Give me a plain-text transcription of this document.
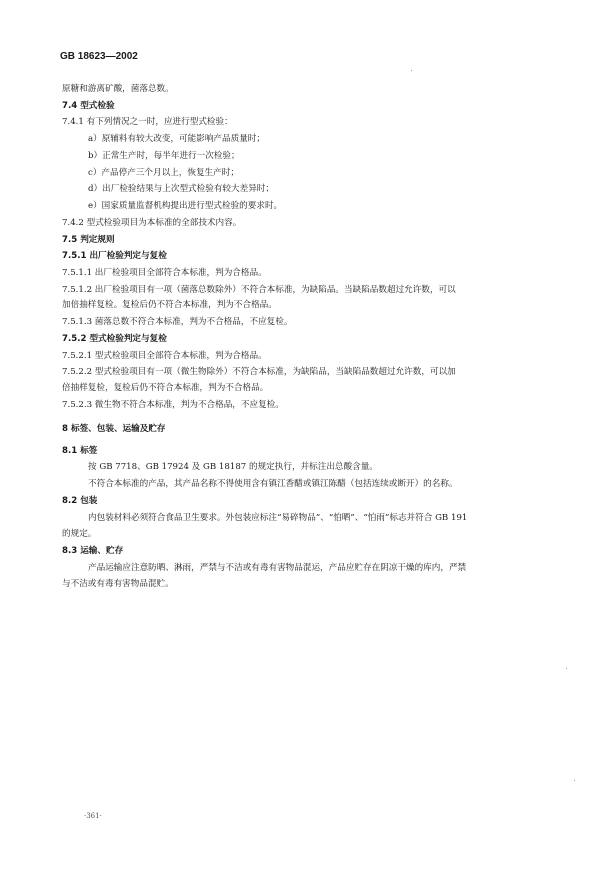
GB 18623—2002
原糖和游离矿酸，菌落总数。
7.4 型式检验
7.4.1 有下列情况之一时，应进行型式检验：
a）原辅料有较大改变，可能影响产品质量时；
b）正常生产时，每半年进行一次检验；
c）产品停产三个月以上，恢复生产时；
d）出厂检验结果与上次型式检验有较大差异时；
e）国家质量监督机构提出进行型式检验的要求时。
7.4.2 型式检验项目为本标准的全部技术内容。
7.5 判定规则
7.5.1 出厂检验判定与复检
7.5.1.1 出厂检验项目全部符合本标准，判为合格品。
7.5.1.2 出厂检验项目有一项（菌落总数除外）不符合本标准，为缺陷品。当缺陷品数超过允许数，可以
加倍抽样复检。复检后仍不符合本标准，判为不合格品。
7.5.1.3 菌落总数不符合本标准，判为不合格品，不应复检。
7.5.2 型式检验判定与复检
7.5.2.1 型式检验项目全部符合本标准，判为合格品。
7.5.2.2 型式检验项目有一项（微生物除外）不符合本标准，为缺陷品，当缺陷品数超过允许数，可以加
倍抽样复检，复检后仍不符合本标准，判为不合格品。
7.5.2.3 微生物不符合本标准，判为不合格品，不应复检。
8 标签、包装、运输及贮存
8.1 标签
按 GB 7718、GB 17924 及 GB 18187 的规定执行，并标注出总酸含量。
不符合本标准的产品，其产品名称不得使用含有镇江香醋或镇江陈醋（包括连续或断开）的名称。
8.2 包装
内包装材料必须符合食品卫生要求。外包装应标注“易碎物品”、“怕晒”、“怕雨”标志并符合 GB 191
的规定。
8.3 运输、贮存
产品运输应注意防晒、淋雨，严禁与不洁或有毒有害物品混运，产品应贮存在阴凉干燥的库内，严禁
与不洁或有毒有害物品混贮。
·361·
